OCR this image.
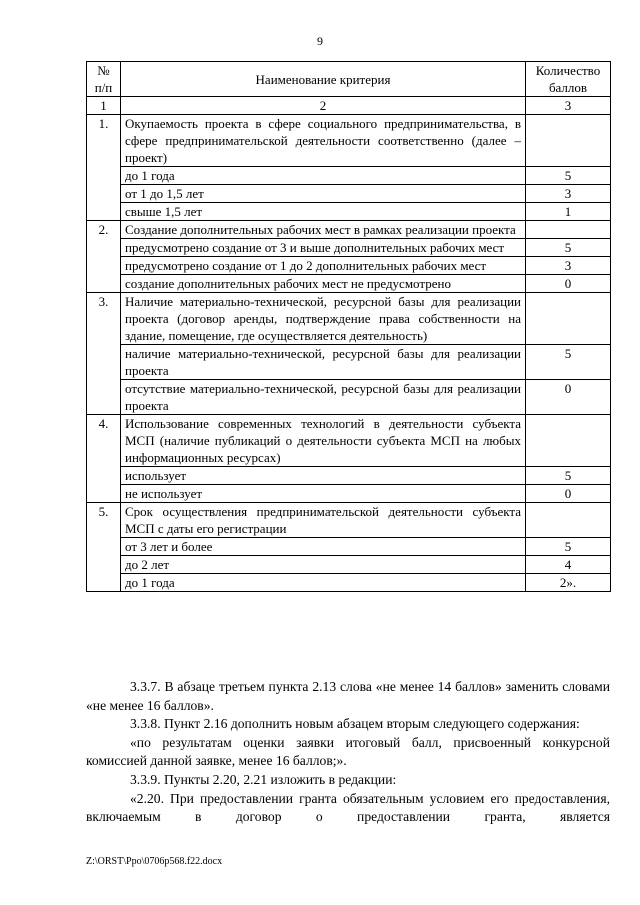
9
№ п/п	Наименование критерия	Количество баллов
1	2	3
1.	Окупаемость проекта в сфере социального предпринимательства, в сфере предпринимательской деятельности соответственно (далее – проект)	
	до 1 года	5
	от 1 до 1,5 лет	3
	свыше 1,5 лет	1
2.	Создание дополнительных рабочих мест в рамках реализации проекта	
	предусмотрено создание от 3 и выше дополнительных рабочих мест	5
	предусмотрено создание от 1 до 2 дополнительных рабочих мест	3
	создание дополнительных рабочих мест не предусмотрено	0
3.	Наличие материально-технической, ресурсной базы для реализации проекта (договор аренды, подтверждение права собственности на здание, помещение, где осуществляется деятельность)	
	наличие материально-технической, ресурсной базы для реализации проекта	5
	отсутствие материально-технической, ресурсной базы для реализации проекта	0
4.	Использование современных технологий в деятельности субъекта МСП (наличие публикаций о деятельности субъекта МСП на любых информационных ресурсах)	
	использует	5
	не использует	0
5.	Срок осуществления предпринимательской деятельности субъекта МСП с даты его регистрации	
	от 3 лет и более	5
	до 2 лет	4
	до 1 года	2».

3.3.7. В абзаце третьем пункта 2.13 слова «не менее 14 баллов» заменить словами «не менее 16 баллов».

3.3.8. Пункт 2.16 дополнить новым абзацем вторым следующего содержания:

«по результатам оценки заявки итоговый балл, присвоенный конкурсной комиссией данной заявке, менее 16 баллов;».

3.3.9. Пункты 2.20, 2.21 изложить в редакции:

«2.20. При предоставлении гранта обязательным условием его предоставления, включаемым в договор о предоставлении гранта, является

Z:\ORST\Ppo\0706p568.f22.docx
